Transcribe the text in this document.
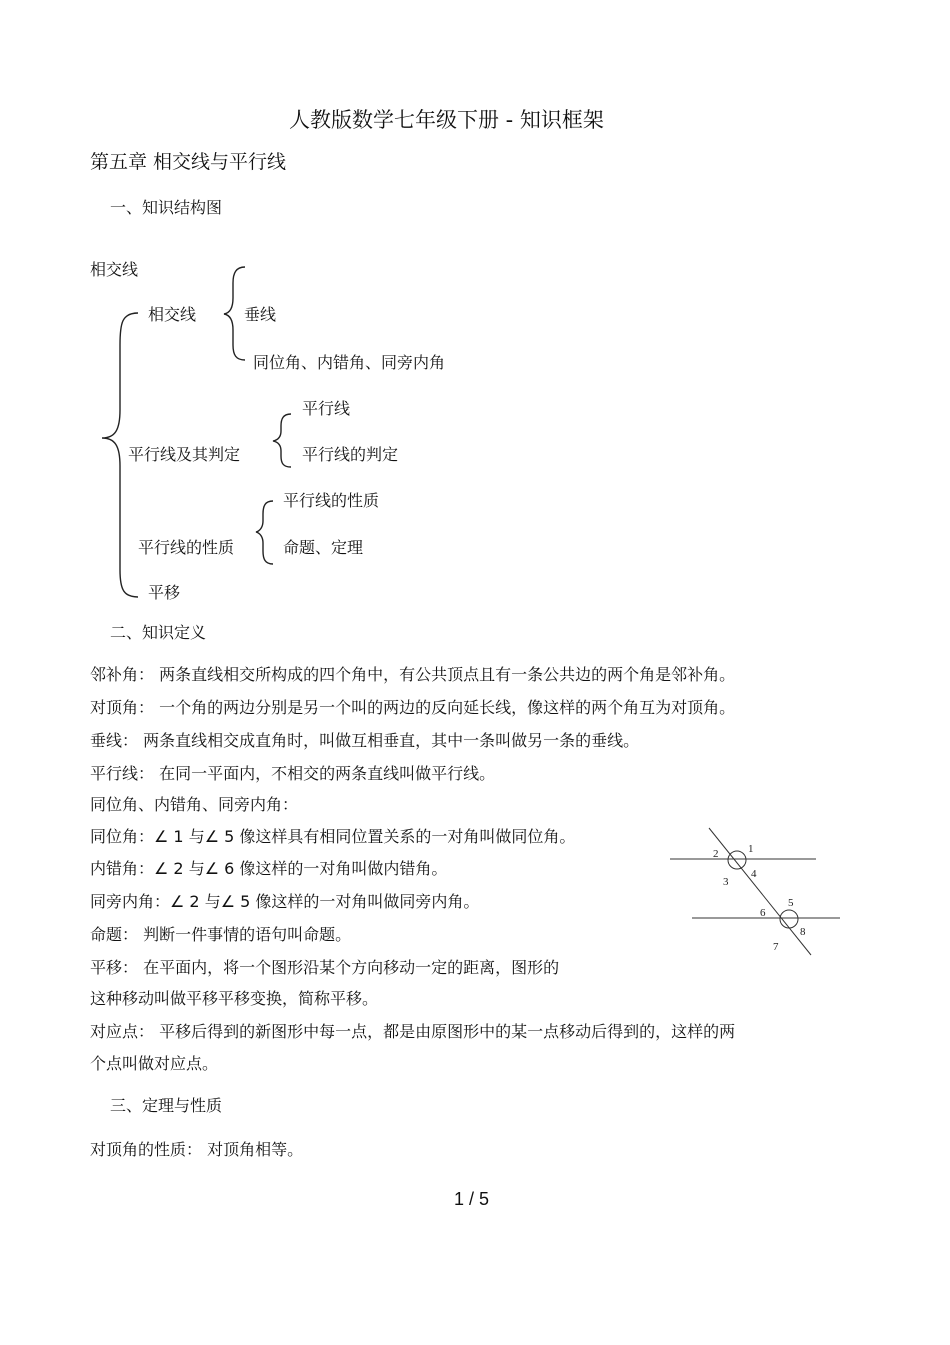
人教版数学七年级下册 - 知识框架
第五章 相交线与平行线
一、知识结构图
相交线
相交线	垂线
同位角、内错角、同旁内角
平行线及其判定
平行线
平行线的判定
平行线的性质
平行线的性质
命题、定理
平移
二、知识定义
邻补角： 两条直线相交所构成的四个角中，有公共顶点且有一条公共边的两个角是邻补角。
对顶角： 一个角的两边分别是另一个叫的两边的反向延长线，像这样的两个角互为对顶角。
垂线： 两条直线相交成直角时，叫做互相垂直，其中一条叫做另一条的垂线。
平行线： 在同一平面内，不相交的两条直线叫做平行线。
同位角、内错角、同旁内角：
同位角：∠ 1 与∠ 5 像这样具有相同位置关系的一对角叫做同位角。
内错角：∠ 2 与∠ 6 像这样的一对角叫做内错角。
同旁内角：∠ 2 与∠ 5 像这样的一对角叫做同旁内角。
命题： 判断一件事情的语句叫命题。
平移： 在平面内，将一个图形沿某个方向移动一定的距离，图形的
这种移动叫做平移平移变换，简称平移。
对应点： 平移后得到的新图形中每一点，都是由原图形中的某一点移动后得到的，这样的两
个点叫做对应点。
1
2
3
4
5
6
7
8
三、定理与性质
对顶角的性质： 对顶角相等。
1 / 5
